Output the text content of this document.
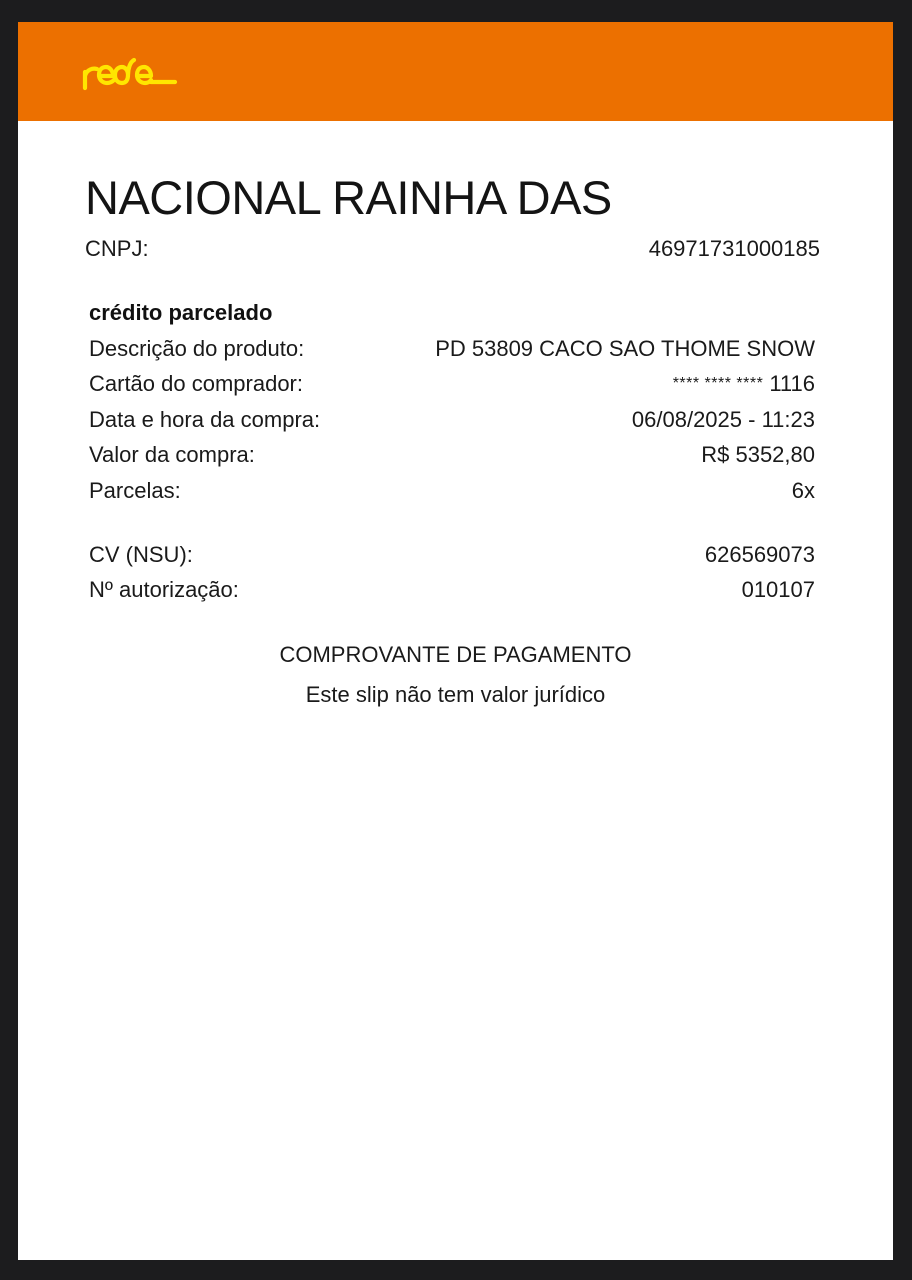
NACIONAL RAINHA DAS
CNPJ:	46971731000185
crédito parcelado
Descrição do produto:	PD 53809 CACO SAO THOME SNOW
Cartão do comprador:	**** **** **** 1116
Data e hora da compra:	06/08/2025 - 11:23
Valor da compra:	R$ 5352,80
Parcelas:	6x
CV (NSU):	626569073
Nº autorização:	010107
COMPROVANTE DE PAGAMENTO
Este slip não tem valor jurídico
